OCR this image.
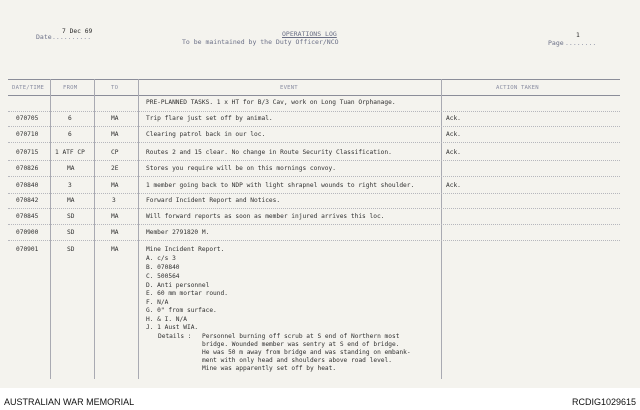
Date ..........
7 Dec 69	OPERATIONS LOG
To be maintained by the Duty Officer/NCO	Page ........
1
DATE/TIME	FROM	TO	EVENT	ACTION TAKEN
PRE-PLANNED TASKS. 1 x HT for B/3 Cav, work on Long Tuan Orphanage.
070705	6	MA	Trip flare just set off by animal.	Ack.
070710	6	MA	Clearing patrol back in our loc.	Ack.
070715	1 ATF CP	CP	Routes 2 and 15 clear. No change in Route Security Classification.	Ack.
070826	MA	2E	Stores you require will be on this mornings convoy.
070840	3	MA	1 member going back to NDP with light shrapnel wounds to right shoulder.	Ack.
070842	MA	3	Forward Incident Report and Notices.
070845	SD	MA	Will forward reports as soon as member injured arrives this loc.
070900	SD	MA	Member 2791820 M.
070901	SD	MA	Mine Incident Report.
A. c/s 3
B. 070840
C. 500564
D. Anti personnel
E. 60 mm mortar round.
F. N/A
G. 0" from surface.
H. & I. N/A
J. 1 Aust WIA.
Details : Personnel burning off scrub at S end of Northern most
bridge. Wounded member was sentry at S end of bridge.
He was 50 m away from bridge and was standing on embank-
ment with only head and shoulders above road level.
Mine was apparently set off by heat.
AUSTRALIAN WAR MEMORIAL	RCDIG1029615
